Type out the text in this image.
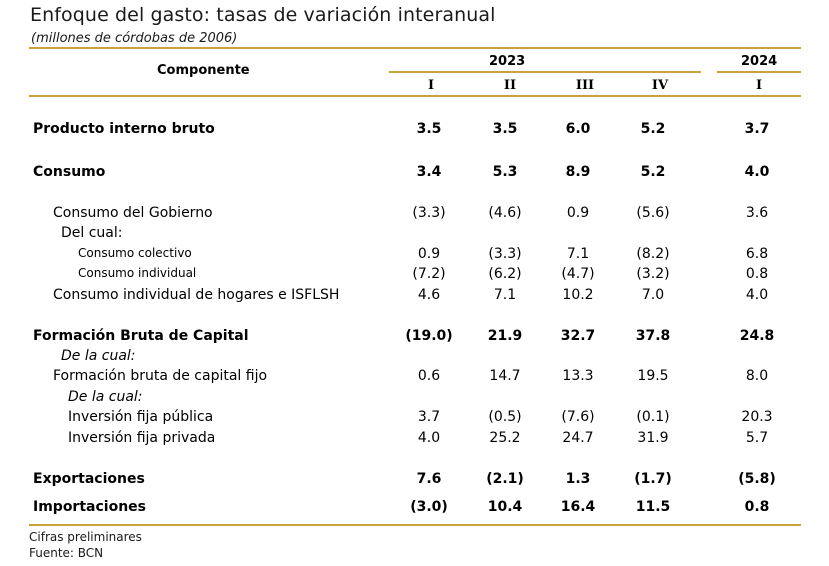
Enfoque del gasto: tasas de variación interanual
(millones de córdobas de 2006)
Componente
2023	2024
I	II	III	IV	I
Producto interno bruto	3.5	3.5	6.0	5.2	3.7
Consumo	3.4	5.3	8.9	5.2	4.0
Consumo del Gobierno	(3.3)	(4.6)	0.9	(5.6)	3.6
Del cual:
Consumo colectivo	0.9	(3.3)	7.1	(8.2)	6.8
Consumo individual	(7.2)	(6.2)	(4.7)	(3.2)	0.8
Consumo individual de hogares e ISFLSH	4.6	7.1	10.2	7.0	4.0
Formación Bruta de Capital	(19.0)	21.9	32.7	37.8	24.8
De la cual:
Formación bruta de capital fijo	0.6	14.7	13.3	19.5	8.0
De la cual:
Inversión fija pública	3.7	(0.5)	(7.6)	(0.1)	20.3
Inversión fija privada	4.0	25.2	24.7	31.9	5.7
Exportaciones	7.6	(2.1)	1.3	(1.7)	(5.8)
Importaciones	(3.0)	10.4	16.4	11.5	0.8
Cifras preliminares
Fuente: BCN
